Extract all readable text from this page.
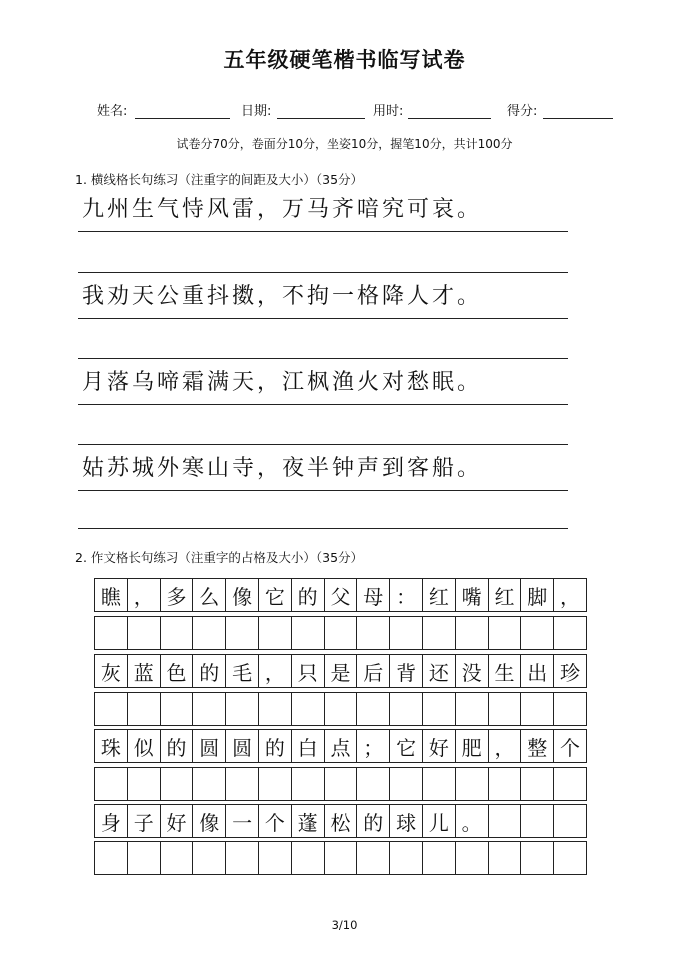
五年级硬笔楷书临写试卷
姓名:	日期:	用时:	得分:
试卷分70分，卷面分10分，坐姿10分，握笔10分，共计100分
1. 横线格长句练习（注重字的间距及大小）（35分）
九州生气恃风雷，万马齐喑究可哀。
我劝天公重抖擞，不拘一格降人才。
月落乌啼霜满天，江枫渔火对愁眠。
姑苏城外寒山寺，夜半钟声到客船。
2. 作文格长句练习（注重字的占格及大小）（35分）
瞧 ， 多 么 像 它 的 父 母 ： 红 嘴 红 脚 ，
灰 蓝 色 的 毛 ， 只 是 后 背 还 没 生 出 珍
珠 似 的 圆 圆 的 白 点 ； 它 好 肥 ， 整 个
身 子 好 像 一 个 蓬 松 的 球 儿 。
3/10
